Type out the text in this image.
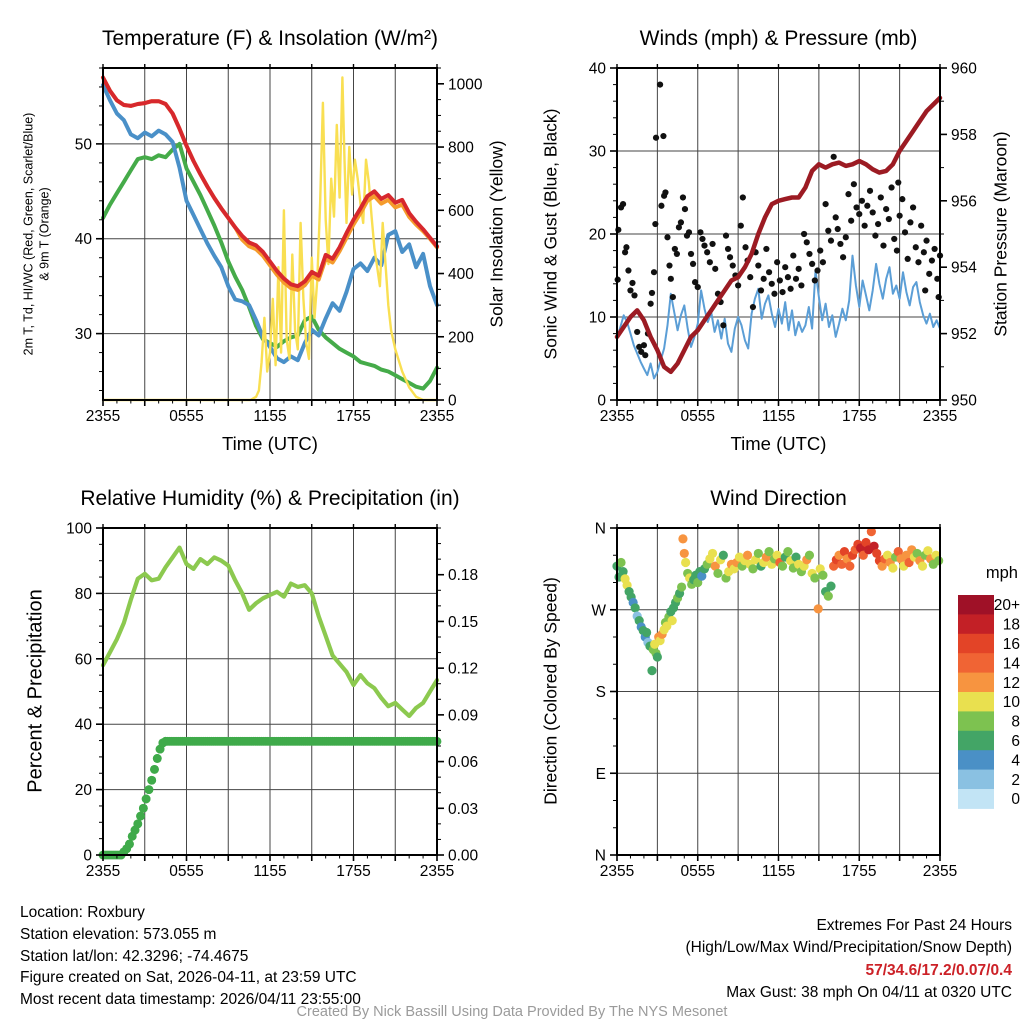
2355	0555	1155	1755	2355
30
40
50
0
200
400
600
800
1000
2355	0555	1155	1755	2355
0
10
20
30
40
950
952
954
956
958
960
2355	0555	1155	1755	2355
0
20
40
60
80
100
0.00
0.03
0.06
0.09
0.12
0.15
0.18
2355	0555	1155	1755	2355
N
E
S
W
N
20+
18
16
14
12
10
8
6
4
2
0
Temperature (F) & Insolation (W/m²)	Winds (mph) & Pressure (mb)
Relative Humidity (%) & Precipitation (in)	Wind Direction
Time (UTC)	Time (UTC)
2m T, Td, HI/WC (Red, Green, Scarlet/Blue) & 9m T (Orange)	Solar Insolation (Yellow) Sonic Wind & Gust (Blue, Black)	Station Pressure (Maroon)
Percent & Precipitation	Direction (Colored By Speed)
mph
Location: Roxbury
Station elevation: 573.055 m
Station lat/lon: 42.3296; -74.4675
Figure created on Sat, 2026-04-11, at 23:59 UTC
Most recent data timestamp: 2026/04/11 23:55:00
Extremes For Past 24 Hours
(High/Low/Max Wind/Precipitation/Snow Depth)
57/34.6/17.2/0.07/0.4
Max Gust: 38 mph On 04/11 at 0320 UTC
Created By Nick Bassill Using Data Provided By The NYS Mesonet
